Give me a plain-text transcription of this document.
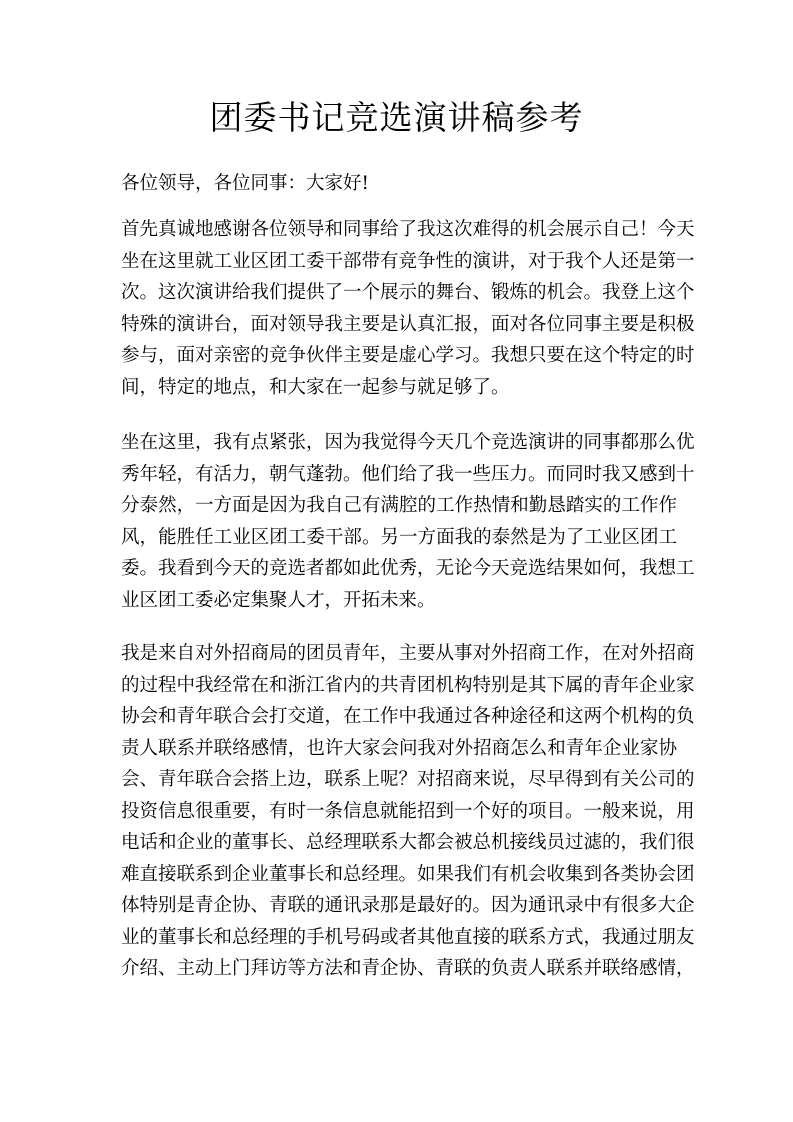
团委书记竞选演讲稿参考

各位领导，各位同事：大家好!

首先真诚地感谢各位领导和同事给了我这次难得的机会展示自己！今天
坐在这里就工业区团工委干部带有竞争性的演讲，对于我个人还是第一
次。这次演讲给我们提供了一个展示的舞台、锻炼的机会。我登上这个
特殊的演讲台，面对领导我主要是认真汇报，面对各位同事主要是积极
参与，面对亲密的竞争伙伴主要是虚心学习。我想只要在这个特定的时
间，特定的地点，和大家在一起参与就足够了。

坐在这里，我有点紧张，因为我觉得今天几个竞选演讲的同事都那么优
秀年轻，有活力，朝气蓬勃。他们给了我一些压力。而同时我又感到十
分泰然，一方面是因为我自己有满腔的工作热情和勤恳踏实的工作作
风，能胜任工业区团工委干部。另一方面我的泰然是为了工业区团工
委。我看到今天的竞选者都如此优秀，无论今天竞选结果如何，我想工
业区团工委必定集聚人才，开拓未来。

我是来自对外招商局的团员青年，主要从事对外招商工作，在对外招商
的过程中我经常在和浙江省内的共青团机构特别是其下属的青年企业家
协会和青年联合会打交道，在工作中我通过各种途径和这两个机构的负
责人联系并联络感情，也许大家会问我对外招商怎么和青年企业家协
会、青年联合会搭上边，联系上呢？对招商来说，尽早得到有关公司的
投资信息很重要，有时一条信息就能招到一个好的项目。一般来说，用
电话和企业的董事长、总经理联系大都会被总机接线员过滤的，我们很
难直接联系到企业董事长和总经理。如果我们有机会收集到各类协会团
体特别是青企协、青联的通讯录那是最好的。因为通讯录中有很多大企
业的董事长和总经理的手机号码或者其他直接的联系方式，我通过朋友
介绍、主动上门拜访等方法和青企协、青联的负责人联系并联络感情，
